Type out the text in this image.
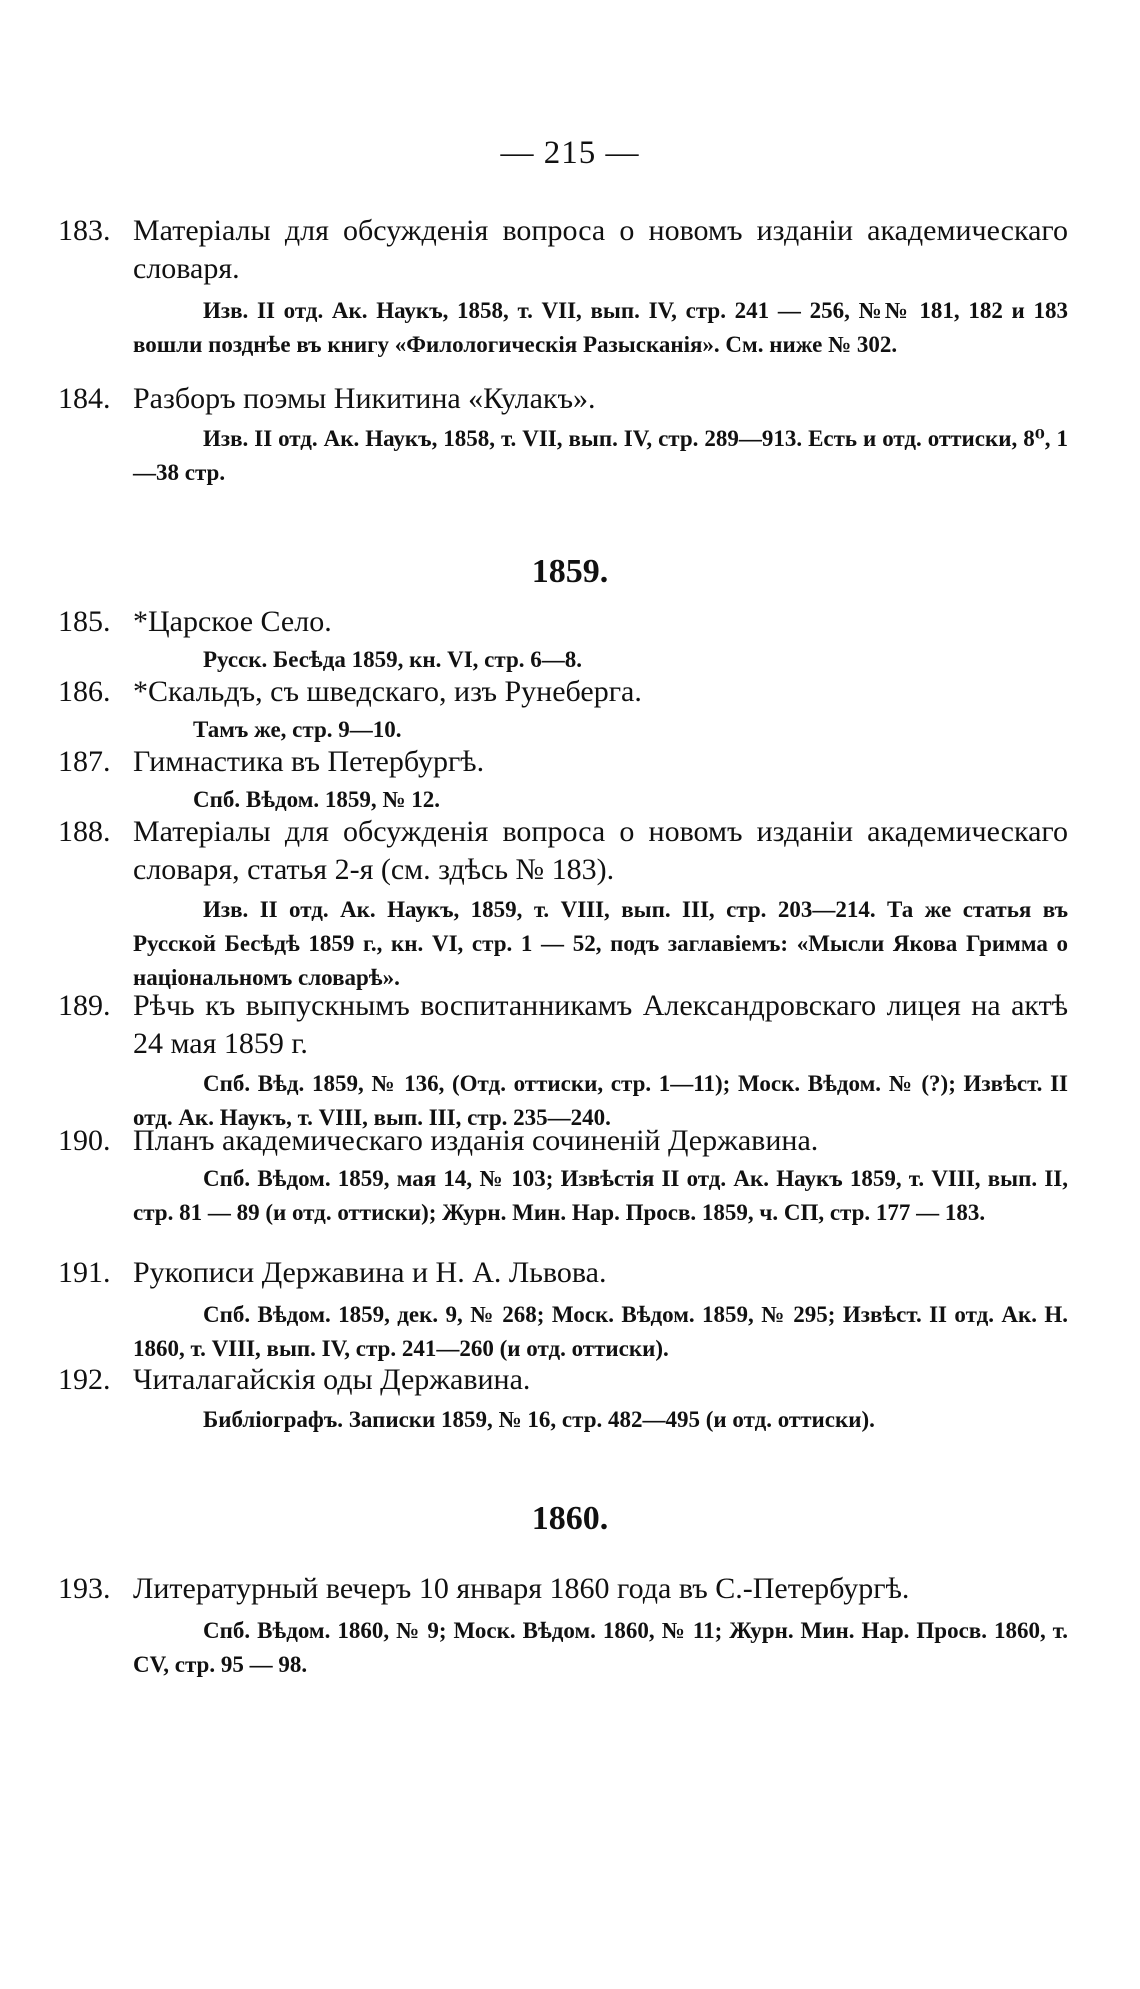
— 215 —
183. Матеріалы для обсужденія вопроса о новомъ изданіи академическаго словаря.

Изв. II отд. Ак. Наукъ, 1858, т. VII, вып. IV, стр. 241 — 256, №№ 181, 182 и 183 вошли позднѣе въ книгу «Филологическія Разысканія». См. ниже № 302.

184. Разборъ поэмы Никитина «Кулакъ».

Изв. II отд. Ак. Наукъ, 1858, т. VII, вып. IV, стр. 289—913. Есть и отд. оттиски, 8⁰, 1—38 стр.

1859.
185. *Царское Село.

Русск. Бесѣда 1859, кн. VI, стр. 6—8.

186. *Скальдъ, съ шведскаго, изъ Рунеберга.

Тамъ же, стр. 9—10.

187. Гимнастика въ Петербургѣ.

Спб. Вѣдом. 1859, № 12.

188. Матеріалы для обсужденія вопроса о новомъ изданіи академическаго словаря, статья 2-я (см. здѣсь № 183).

Изв. II отд. Ак. Наукъ, 1859, т. VIII, вып. III, стр. 203—214. Та же статья въ Русской Бесѣдѣ 1859 г., кн. VI, стр. 1 — 52, подъ заглавіемъ: «Мысли Якова Гримма о національномъ словарѣ».

189. Рѣчь къ выпускнымъ воспитанникамъ Александровскаго лицея на актѣ 24 мая 1859 г.

Спб. Вѣд. 1859, № 136, (Отд. оттиски, стр. 1—11); Моск. Вѣдом. № (?); Извѣст. II отд. Ак. Наукъ, т. VIII, вып. III, стр. 235—240.

190. Планъ академическаго изданія сочиненій Державина.

Спб. Вѣдом. 1859, мая 14, № 103; Извѣстія II отд. Ак. Наукъ 1859, т. VIII, вып. II, стр. 81 — 89 (и отд. оттиски); Журн. Мин. Нар. Просв. 1859, ч. СП, стр. 177 — 183.

191. Рукописи Державина и Н. А. Львова.

Спб. Вѣдом. 1859, дек. 9, № 268; Моск. Вѣдом. 1859, № 295; Извѣст. II отд. Ак. Н. 1860, т. VIII, вып. IV, стр. 241—260 (и отд. оттиски).

192. Читалагайскія оды Державина.

Библіографъ. Записки 1859, № 16, стр. 482—495 (и отд. оттиски).

1860.
193. Литературный вечеръ 10 января 1860 года въ С.-Петербургѣ.

Спб. Вѣдом. 1860, № 9; Моск. Вѣдом. 1860, № 11; Журн. Мин. Нар. Просв. 1860, т. CV, стр. 95 — 98.
